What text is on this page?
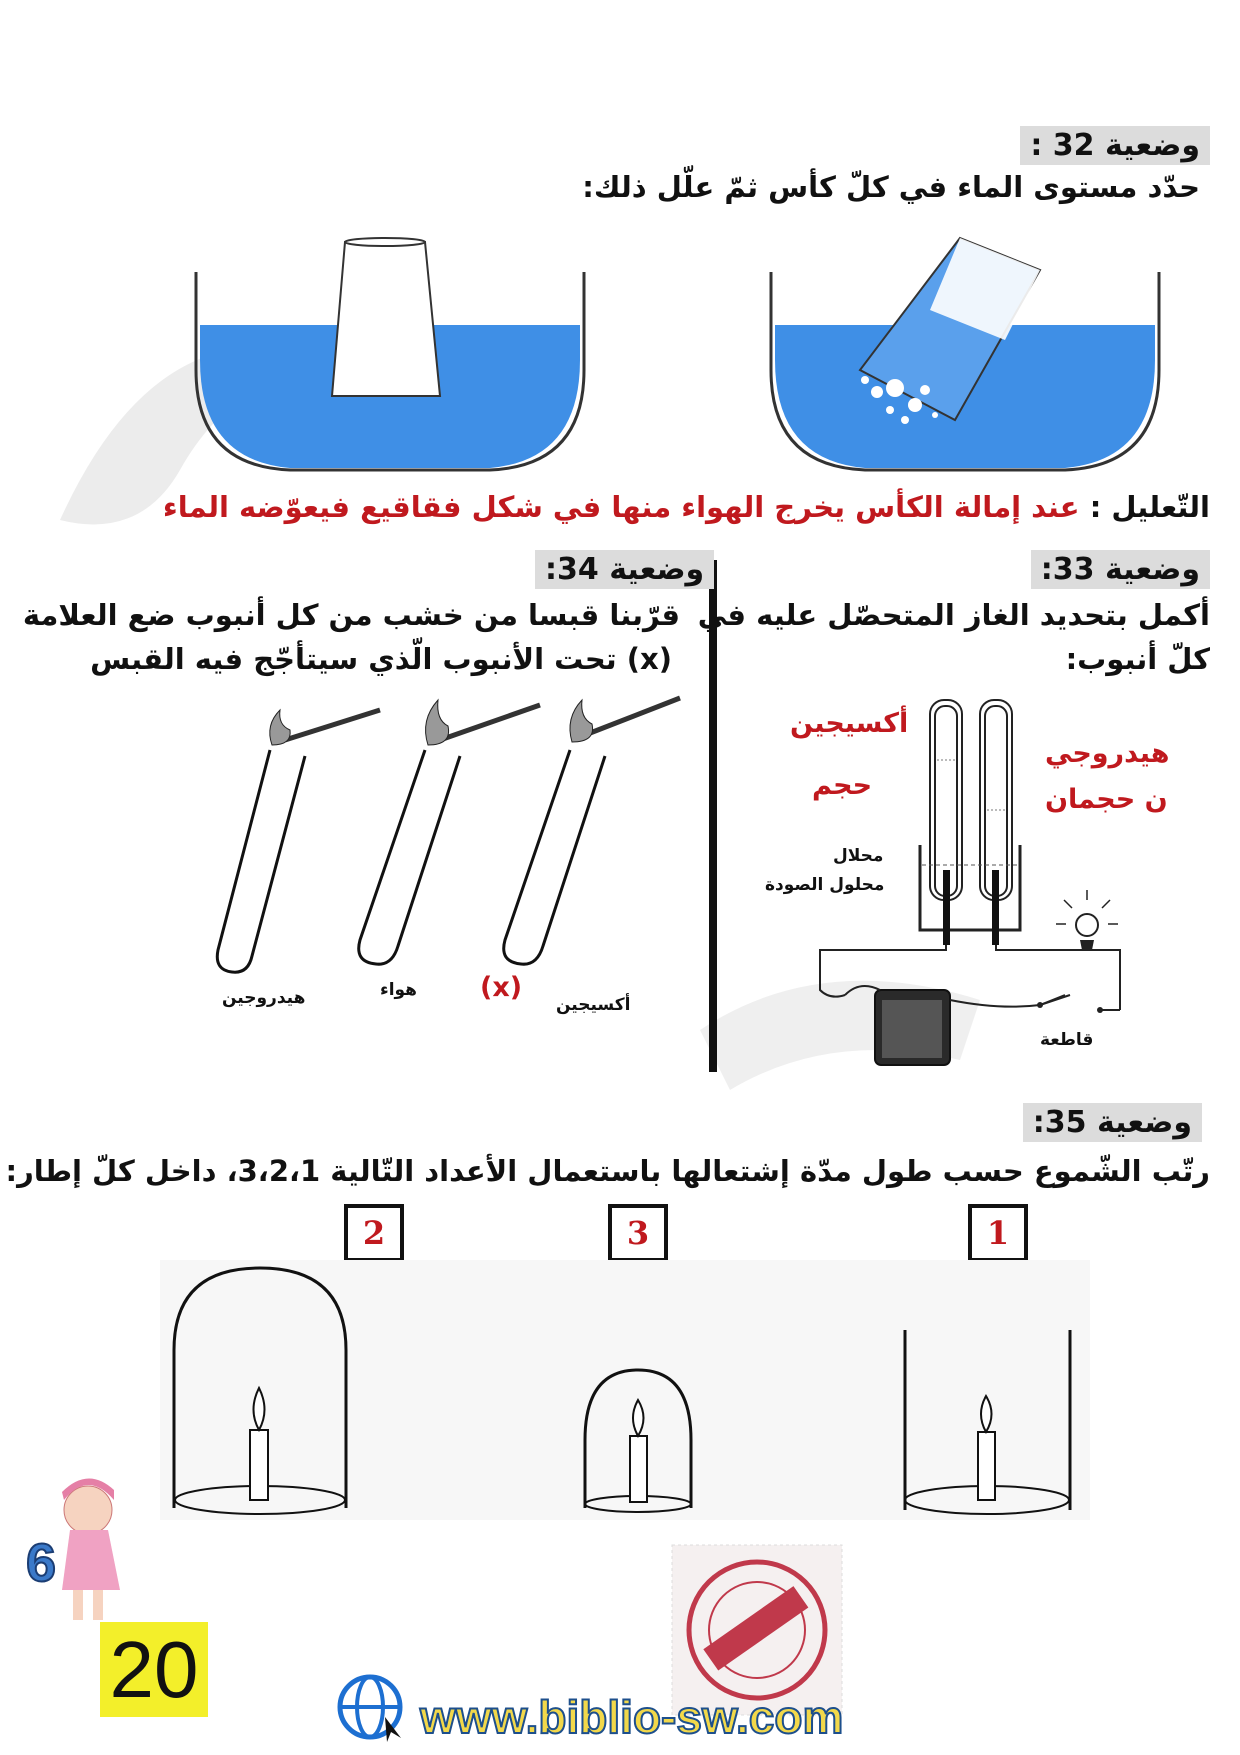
وضعية 32 :
حدّد مستوى الماء في كلّ كأس ثمّ علّل ذلك:
التّعليل : عند إمالة الكأس يخرج الهواء منها في شكل فقاقيع فيعوّضه الماء
وضعية 33:
أكمل بتحديد الغاز المتحصّل عليه في
كلّ أنبوب:
أكسيجين
حجم
هيدروجي
ن حجمان
محلال
محلول الصودة
قاطعة
وضعية 34:
قرّبنا قبسا من خشب من كل أنبوب ضع العلامة
(x) تحت الأنبوب الّذي سيتأجّج فيه القبس
هيدروجين	هواء (x)
أكسيجين
وضعية 35:
رتّب الشّموع حسب طول مدّة إشتعالها باستعمال الأعداد التّالية 3،2،1، داخل كلّ إطار:
2	3	1
6
20
www.biblio-sw.com
